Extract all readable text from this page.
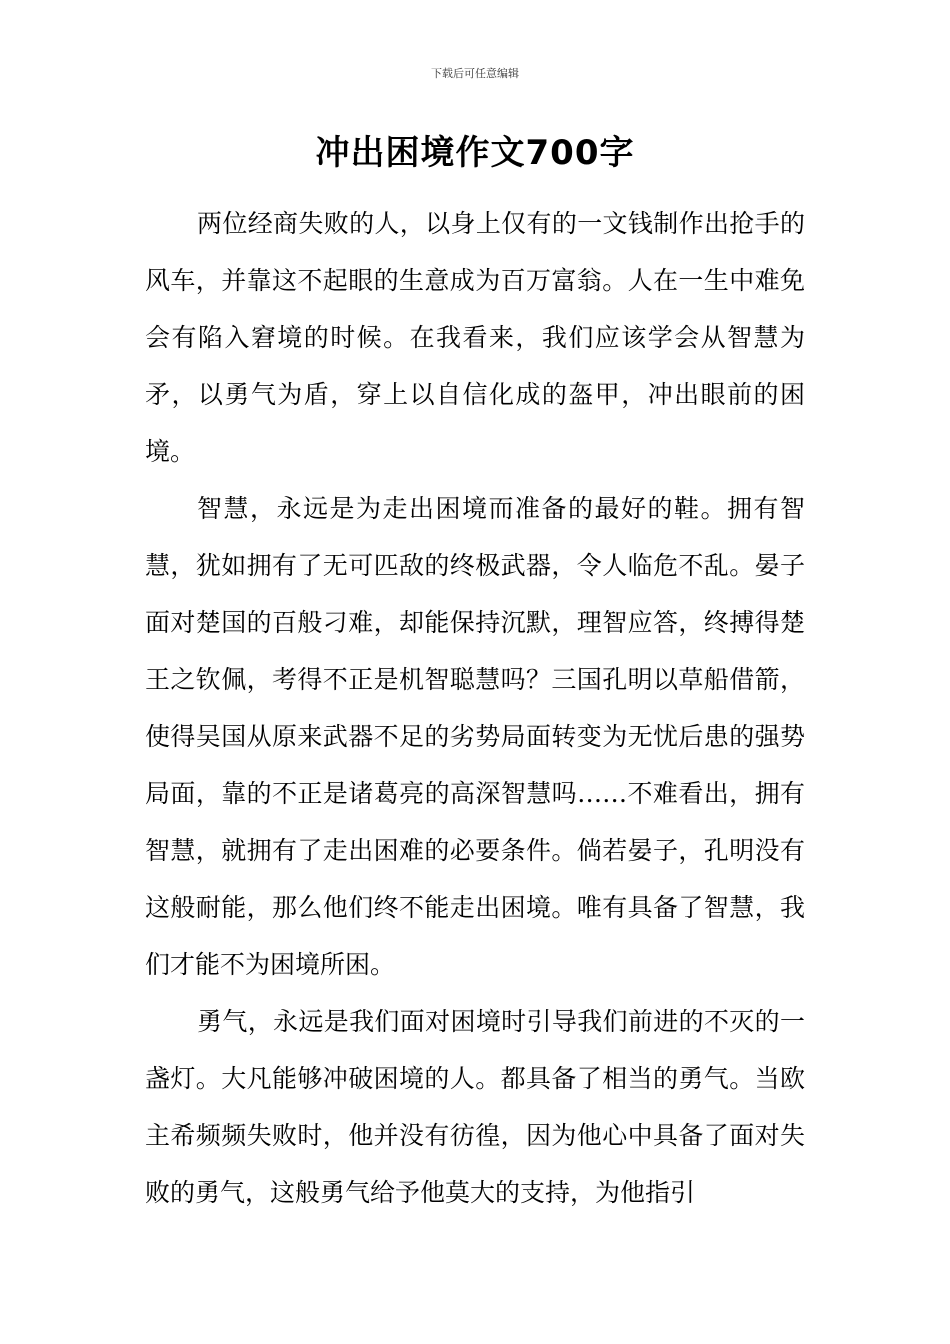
下载后可任意编辑
冲出困境作文700字

两位经商失败的人，以身上仅有的一文钱制作出抢手的风车，并靠这不起眼的生意成为百万富翁。人在一生中难免会有陷入窘境的时候。在我看来，我们应该学会从智慧为矛，以勇气为盾，穿上以自信化成的盔甲，冲出眼前的困境。

智慧，永远是为走出困境而准备的最好的鞋。拥有智慧，犹如拥有了无可匹敌的终极武器，令人临危不乱。晏子面对楚国的百般刁难，却能保持沉默，理智应答，终搏得楚王之钦佩，考得不正是机智聪慧吗？三国孔明以草船借箭，使得吴国从原来武器不足的劣势局面转变为无忧后患的强势局面，靠的不正是诸葛亮的高深智慧吗……不难看出，拥有智慧，就拥有了走出困难的必要条件。倘若晏子，孔明没有这般耐能，那么他们终不能走出困境。唯有具备了智慧，我们才能不为困境所困。

勇气，永远是我们面对困境时引导我们前进的不灭的一盏灯。大凡能够冲破困境的人。都具备了相当的勇气。当欧主希频频失败时，他并没有彷徨，因为他心中具备了面对失败的勇气，这般勇气给予他莫大的支持，为他指引
